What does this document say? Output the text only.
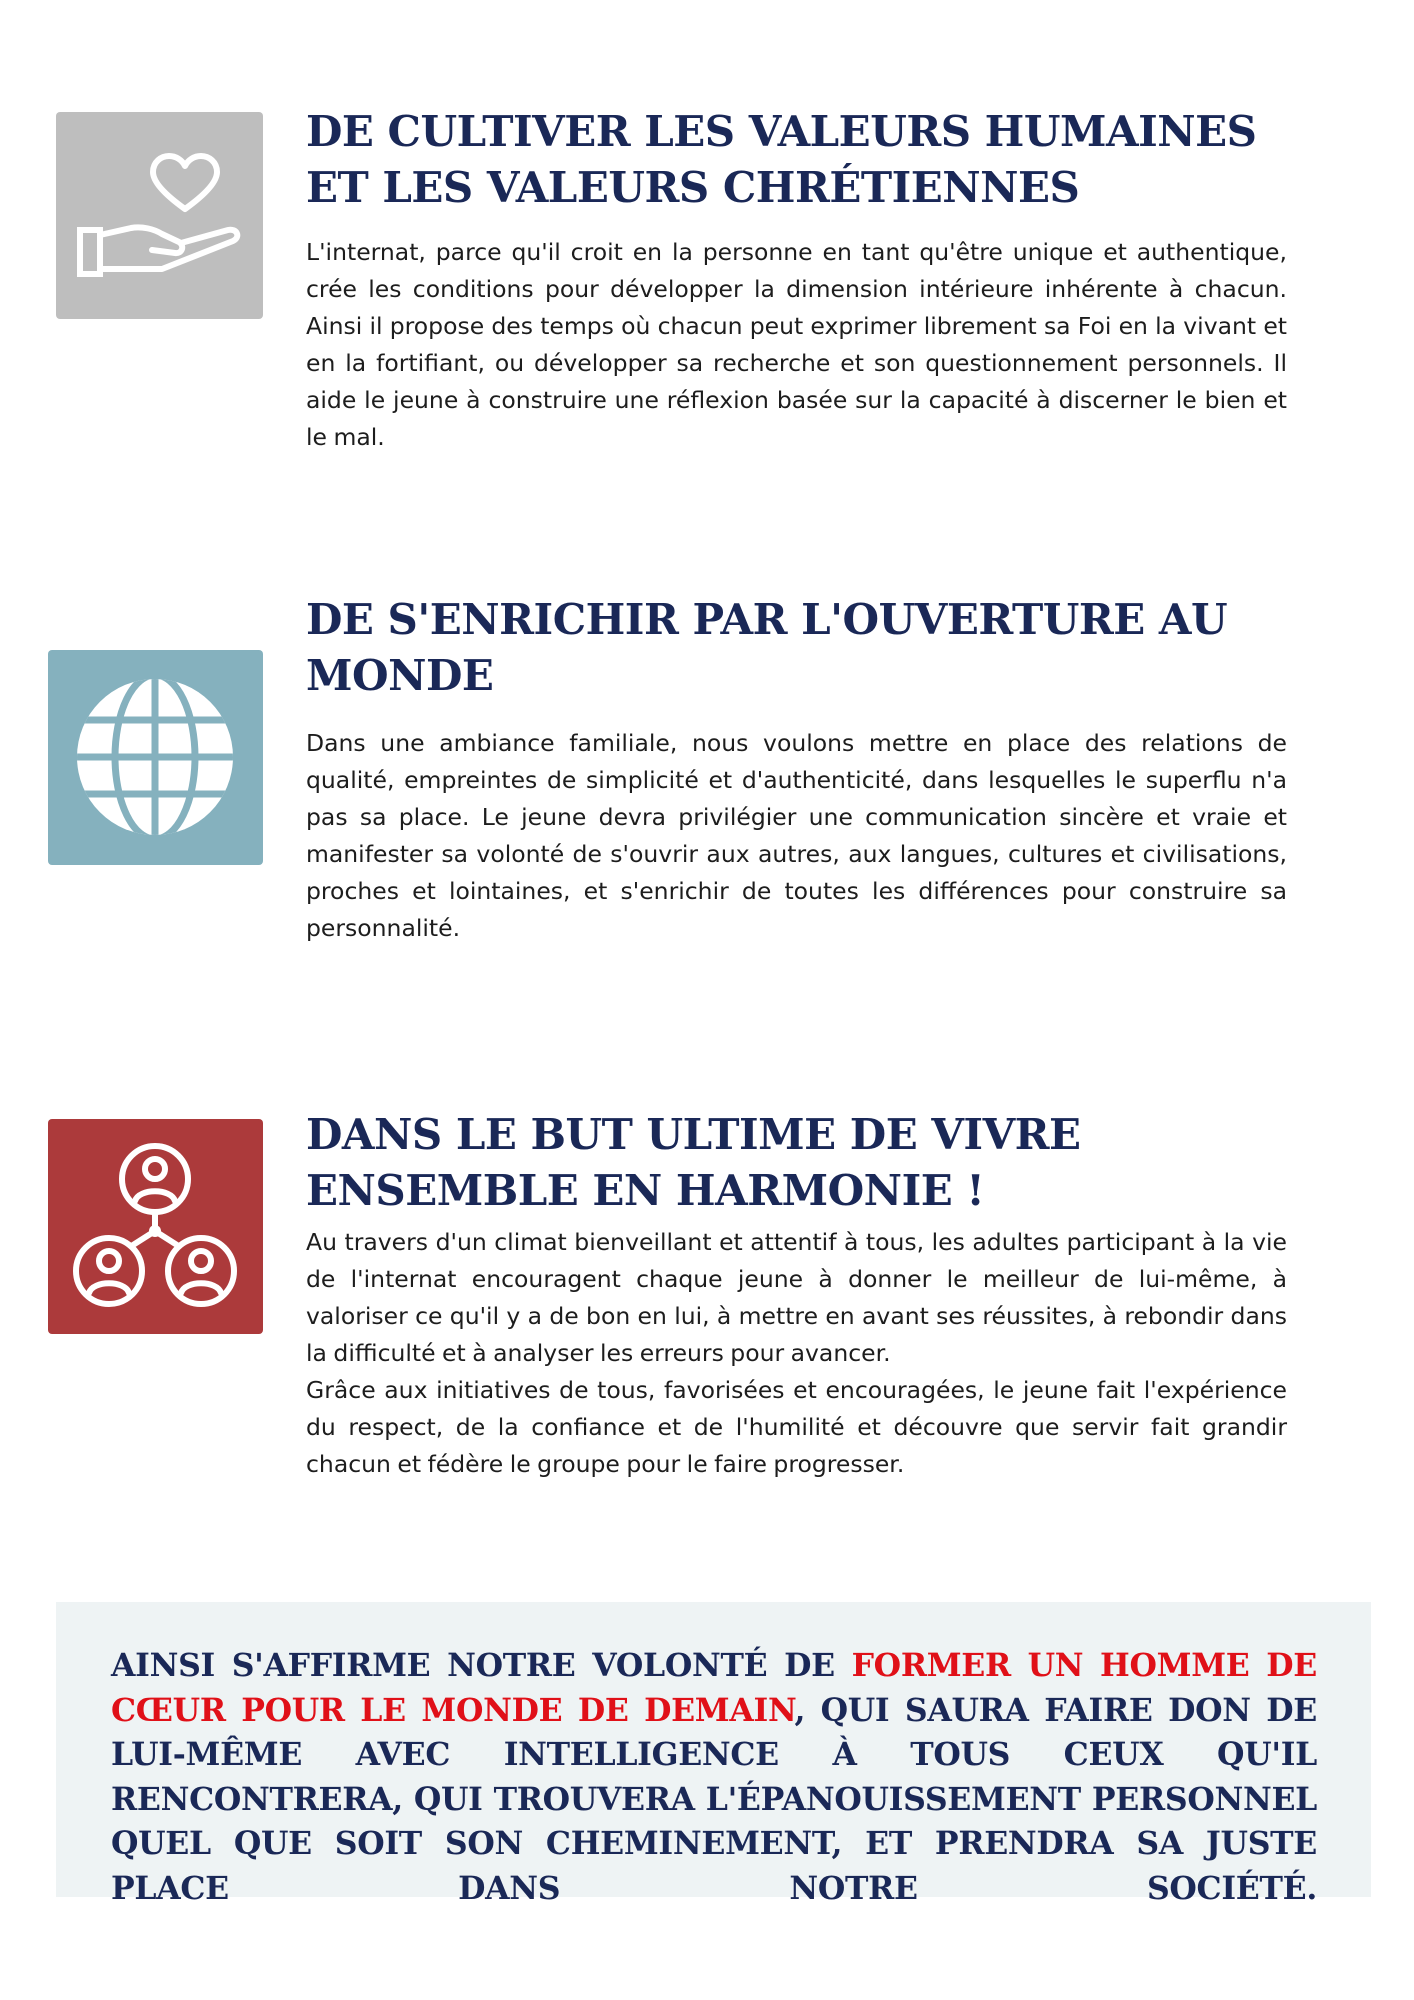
DE CULTIVER LES VALEURS HUMAINES
ET LES VALEURS CHRÉTIENNES

L'internat, parce qu'il croit en la personne en tant qu'être unique et authentique, crée les conditions pour développer la dimension intérieure inhérente à chacun. Ainsi il propose des temps où chacun peut exprimer librement sa Foi en la vivant et en la fortifiant, ou développer sa recherche et son questionnement personnels. Il aide le jeune à construire une réflexion basée sur la capacité à discerner le bien et le mal.

DE S'ENRICHIR PAR L'OUVERTURE AU
MONDE

Dans une ambiance familiale, nous voulons mettre en place des relations de qualité, empreintes de simplicité et d'authenticité, dans lesquelles le superflu n'a pas sa place. Le jeune devra privilégier une communication sincère et vraie et manifester sa volonté de s'ouvrir aux autres, aux langues, cultures et civilisations, proches et lointaines, et s'enrichir de toutes les différences pour construire sa personnalité.

DANS LE BUT ULTIME DE VIVRE
ENSEMBLE EN HARMONIE !

Au travers d'un climat bienveillant et attentif à tous, les adultes participant à la vie de l'internat encouragent chaque jeune à donner le meilleur de lui-même, à valoriser ce qu'il y a de bon en lui, à mettre en avant ses réussites, à rebondir dans la difficulté et à analyser les erreurs pour avancer.

Grâce aux initiatives de tous, favorisées et encouragées, le jeune fait l'expérience du respect, de la confiance et de l'humilité et découvre que servir fait grandir chacun et fédère le groupe pour le faire progresser.

AINSI S'AFFIRME NOTRE VOLONTÉ DE FORMER UN HOMME DE CŒUR POUR LE MONDE DE DEMAIN, QUI SAURA FAIRE DON DE LUI-MÊME AVEC INTELLIGENCE À TOUS CEUX QU'IL RENCONTRERA, QUI TROUVERA L'ÉPANOUISSEMENT PERSONNEL QUEL QUE SOIT SON CHEMINEMENT, ET PRENDRA SA JUSTE PLACE DANS NOTRE SOCIÉTÉ.
